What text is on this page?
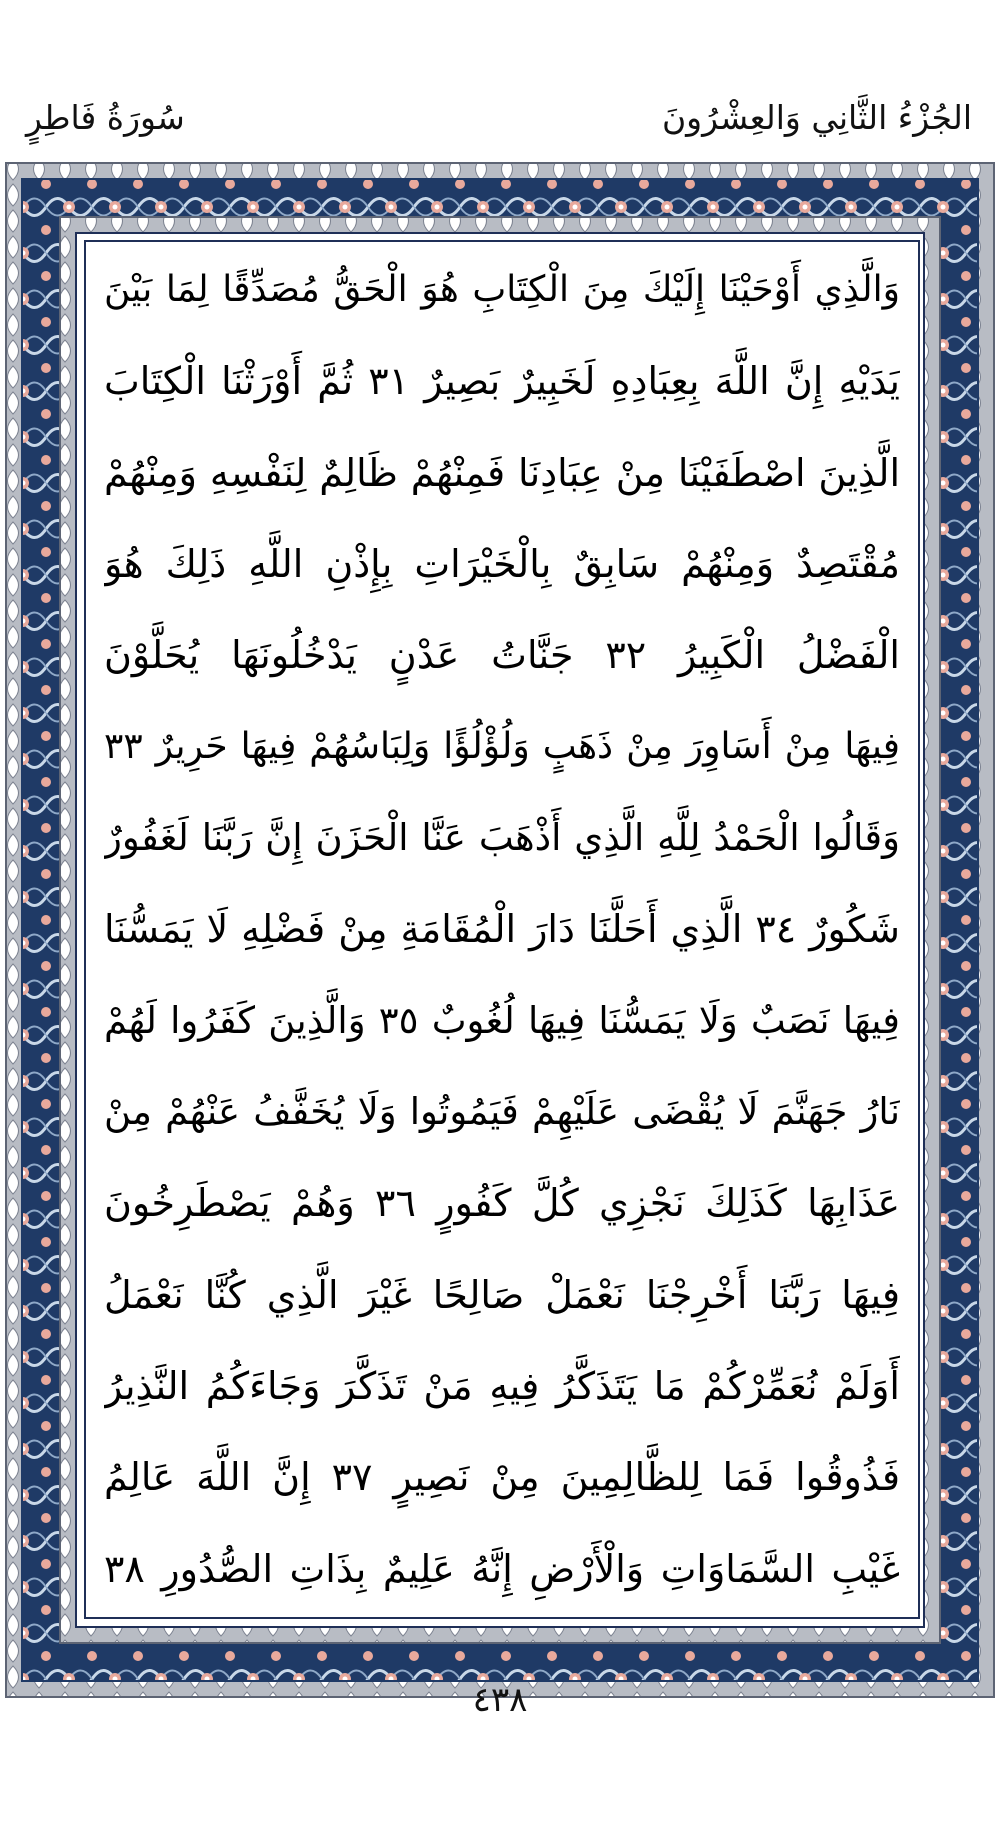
سُورَةُ فَاطِرٍ	الجُزْءُ الثَّانِي وَالعِشْرُونَ
وَالَّذِي أَوْحَيْنَا إِلَيْكَ مِنَ الْكِتَابِ هُوَ الْحَقُّ مُصَدِّقًا لِمَا بَيْنَ
يَدَيْهِ إِنَّ اللَّهَ بِعِبَادِهِ لَخَبِيرٌ بَصِيرٌ ٣١ ثُمَّ أَوْرَثْنَا الْكِتَابَ
الَّذِينَ اصْطَفَيْنَا مِنْ عِبَادِنَا فَمِنْهُمْ ظَالِمٌ لِنَفْسِهِ وَمِنْهُمْ
مُقْتَصِدٌ وَمِنْهُمْ سَابِقٌ بِالْخَيْرَاتِ بِإِذْنِ اللَّهِ ذَلِكَ هُوَ
الْفَضْلُ الْكَبِيرُ ٣٢ جَنَّاتُ عَدْنٍ يَدْخُلُونَهَا يُحَلَّوْنَ
فِيهَا مِنْ أَسَاوِرَ مِنْ ذَهَبٍ وَلُؤْلُؤًا وَلِبَاسُهُمْ فِيهَا حَرِيرٌ ٣٣
وَقَالُوا الْحَمْدُ لِلَّهِ الَّذِي أَذْهَبَ عَنَّا الْحَزَنَ إِنَّ رَبَّنَا لَغَفُورٌ
شَكُورٌ ٣٤ الَّذِي أَحَلَّنَا دَارَ الْمُقَامَةِ مِنْ فَضْلِهِ لَا يَمَسُّنَا
فِيهَا نَصَبٌ وَلَا يَمَسُّنَا فِيهَا لُغُوبٌ ٣٥ وَالَّذِينَ كَفَرُوا لَهُمْ
نَارُ جَهَنَّمَ لَا يُقْضَى عَلَيْهِمْ فَيَمُوتُوا وَلَا يُخَفَّفُ عَنْهُمْ مِنْ
عَذَابِهَا كَذَلِكَ نَجْزِي كُلَّ كَفُورٍ ٣٦ وَهُمْ يَصْطَرِخُونَ
فِيهَا رَبَّنَا أَخْرِجْنَا نَعْمَلْ صَالِحًا غَيْرَ الَّذِي كُنَّا نَعْمَلُ
أَوَلَمْ نُعَمِّرْكُمْ مَا يَتَذَكَّرُ فِيهِ مَنْ تَذَكَّرَ وَجَاءَكُمُ النَّذِيرُ
فَذُوقُوا فَمَا لِلظَّالِمِينَ مِنْ نَصِيرٍ ٣٧ إِنَّ اللَّهَ عَالِمُ
غَيْبِ السَّمَاوَاتِ وَالْأَرْضِ إِنَّهُ عَلِيمٌ بِذَاتِ الصُّدُورِ ٣٨
٤٣٨
